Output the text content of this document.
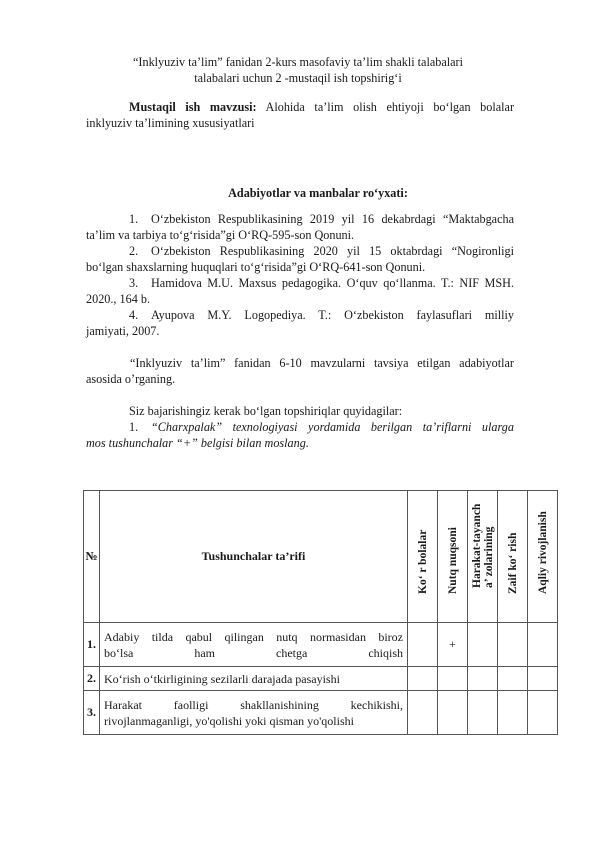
“Inklyuziv ta’lim” fanidan 2-kurs masofaviy ta’lim shakli talabalari
talabalari uchun 2 -mustaqil ish topshirig‘i
Mustaqil ish mavzusi: Alohida ta’lim olish ehtiyoji bo‘lgan bolalar
inklyuziv ta’limining xususiyatlari
Adabiyotlar va manbalar ro‘yxati:
1. O‘zbekiston Respublikasining 2019 yil 16 dekabrdagi “Maktabgacha
ta’lim va tarbiya to‘g‘risida”gi O‘RQ-595-son Qonuni.
2. O‘zbekiston Respublikasining 2020 yil 15 oktabrdagi “Nogironligi
bo‘lgan shaxslarning huquqlari to‘g‘risida”gi O‘RQ-641-son Qonuni.
3. Hamidova M.U. Maxsus pedagogika. O‘quv qo‘llanma. T.: NIF MSH.
2020., 164 b.
4. Ayupova M.Y. Logopediya. T.: O‘zbekiston faylasuflari milliy
jamiyati, 2007.
“Inklyuziv ta’lim” fanidan 6-10 mavzularni tavsiya etilgan adabiyotlar
asosida o’rganing.
Siz bajarishingiz kerak bo‘lgan topshiriqlar quyidagilar:
1. “Charxpalak” texnologiyasi yordamida berilgan ta’riflarni ularga
mos tushunchalar “+” belgisi bilan moslang.
№	Tushunchalar ta’rifi	Ko‘ r bolalar	Nutq nuqsoni	Harakat-tayanch a’ zolarining	Zaif ko‘ rish	Aqliy rivojlanish

1.	Adabiy tilda qabul qilingan nutq normasidan biroz
bo‘lsa ham chetga chiqish		+			
2.	Ko‘rish o‘tkirligining sezilarli darajada pasayishi					
3.	Harakat faolligi shakllanishining kechikishi,
rivojlanmaganligi, yo'qolishi yoki qisman yo'qolishi					
